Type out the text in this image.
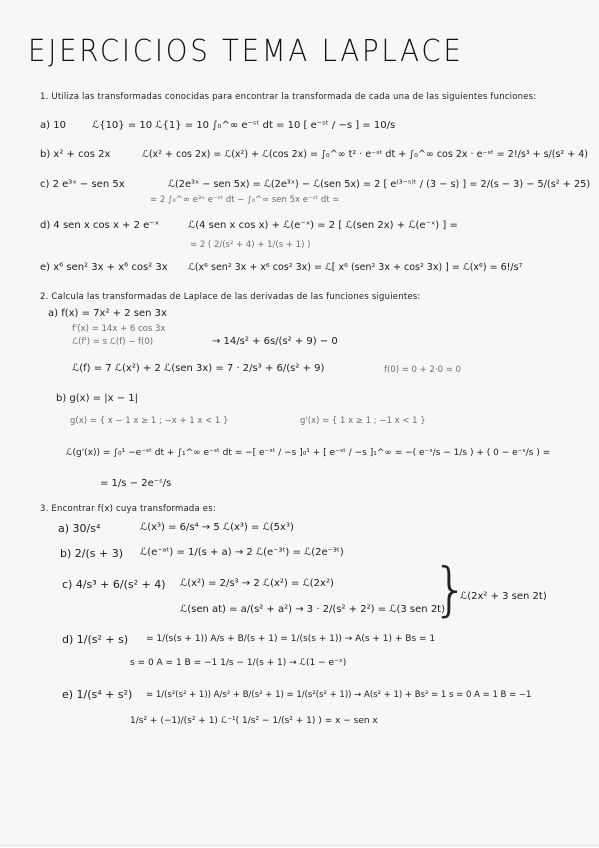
EJERCICIOS TEMA LAPLACE
1. Utiliza las transformadas conocidas para encontrar la transformada de cada una de las siguientes funciones:
a) 10	ℒ{10} = 10 ℒ{1} = 10 ∫₀^∞ e⁻ˢᵗ dt = 10 [ e⁻ˢᵗ / −s ] = 10/s
b) x² + cos 2x	ℒ(x² + cos 2x) = ℒ(x²) + ℒ(cos 2x) = ∫₀^∞ t² · e⁻ˢᵗ dt + ∫₀^∞ cos 2x · e⁻ˢᵗ = 2!/s³ + s/(s² + 4)
c) 2 e³ˣ − sen 5x	ℒ(2e³ˣ − sen 5x) = ℒ(2e³ˣ) − ℒ(sen 5x) = 2 [ e⁽³⁻ˢ⁾ᵗ / (3 − s) ] = 2/(s − 3) − 5/(s² + 25)
= 2 ∫₀^∞ e³ˣ e⁻ˢᵗ dt − ∫₀^∞ sen 5x e⁻ˢᵗ dt =
d) 4 sen x cos x + 2 e⁻ˣ	ℒ(4 sen x cos x) + ℒ(e⁻ˣ) = 2 [ ℒ(sen 2x) + ℒ(e⁻ˣ) ] =
= 2 ( 2/(s² + 4) + 1/(s + 1) )
e) x⁶ sen² 3x + x⁶ cos² 3x ℒ(x⁶ sen² 3x + x⁶ cos² 3x) = ℒ[ x⁶ (sen² 3x + cos² 3x) ] = ℒ(x⁶) = 6!/s⁷
2. Calcula las transformadas de Laplace de las derivadas de las funciones siguientes:
a) f(x) = 7x² + 2 sen 3x
f'(x) = 14x + 6 cos 3x
ℒ(f') = s ℒ(f) − f(0)	→ 14/s² + 6s/(s² + 9) − 0
ℒ(f) = 7 ℒ(x²) + 2 ℒ(sen 3x) = 7 · 2/s³ + 6/(s² + 9)	f(0) = 0 + 2·0 = 0
b) g(x) = |x − 1|
g(x) = { x − 1 x ≥ 1 ; −x + 1 x < 1 }	g'(x) = { 1 x ≥ 1 ; −1 x < 1 }
ℒ(g'(x)) = ∫₀¹ −e⁻ˢᵗ dt + ∫₁^∞ e⁻ˢᵗ dt = −[ e⁻ˢᵗ / −s ]₀¹ + [ e⁻ˢᵗ / −s ]₁^∞ = −( e⁻ˢ/s − 1/s ) + ( 0 − e⁻ˢ/s ) =
= 1/s − 2e⁻ˢ/s
3. Encontrar f(x) cuya transformada es:
a) 30/s⁴	ℒ(x³) = 6/s⁴ → 5 ℒ(x³) = ℒ(5x³)
b) 2/(s + 3) ℒ(e⁻ᵃᵗ) = 1/(s + a) → 2 ℒ(e⁻³ᵗ) = ℒ(2e⁻³ᵗ)
c) 4/s³ + 6/(s² + 4) ℒ(x²) = 2/s³ → 2 ℒ(x²) = ℒ(2x²)
ℒ(sen at) = a/(s² + a²) → 3 · 2/(s² + 2²) = ℒ(3 sen 2t)
}
ℒ(2x² + 3 sen 2t)
d) 1/(s² + s) = 1/(s(s + 1)) A/s + B/(s + 1) = 1/(s(s + 1)) → A(s + 1) + Bs = 1
s = 0 A = 1 B = −1 1/s − 1/(s + 1) → ℒ(1 − e⁻ˣ)
e) 1/(s⁴ + s²) = 1/(s²(s² + 1)) A/s² + B/(s² + 1) = 1/(s²(s² + 1)) → A(s² + 1) + Bs² = 1 s = 0 A = 1 B = −1
1/s² + (−1)/(s² + 1) ℒ⁻¹( 1/s² − 1/(s² + 1) ) = x − sen x
